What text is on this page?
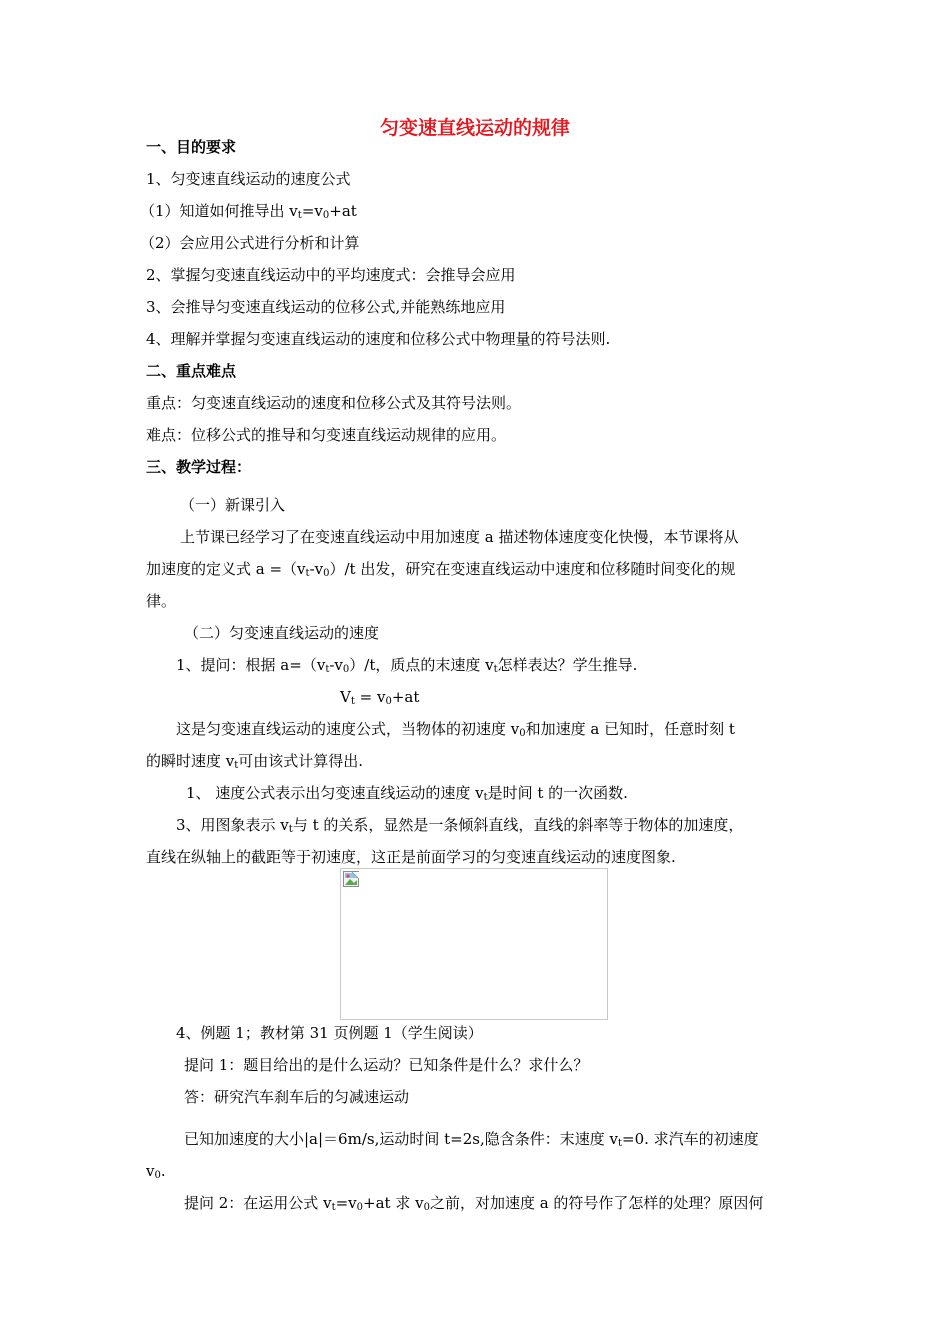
匀变速直线运动的规律
一、目的要求
1、匀变速直线运动的速度公式
（1）知道如何推导出 $v_t=v_0+at$
（2）会应用公式进行分析和计算
2、掌握匀变速直线运动中的平均速度式：会推导会应用
3、会推导匀变速直线运动的位移公式,并能熟练地应用
4、理解并掌握匀变速直线运动的速度和位移公式中物理量的符号法则.
二、重点难点
重点：匀变速直线运动的速度和位移公式及其符号法则。
难点：位移公式的推导和匀变速直线运动规律的应用。
三、教学过程：
（一）新课引入
上节课已经学习了在变速直线运动中用加速度 a 描述物体速度变化快慢，本节课将从
加速度的定义式 $a =(v_t-v_0)/t$ 出发，研究在变速直线运动中速度和位移随时间变化的规
律。
（二）匀变速直线运动的速度
1、提问：根据 $a=(v_t-v_0)/t$，质点的末速度 $v_t$怎样表达？学生推导.
$V_t = v_0+at$
这是匀变速直线运动的速度公式，当物体的初速度 $v_0$和加速度 a 已知时，任意时刻 t
的瞬时速度 $v_t$可由该式计算得出.
1、 速度公式表示出匀变速直线运动的速度 $v_t$是时间 t 的一次函数.
3、用图象表示 $v_t$与 t 的关系，显然是一条倾斜直线，直线的斜率等于物体的加速度，
直线在纵轴上的截距等于初速度，这正是前面学习的匀变速直线运动的速度图象.
4、例题 1；教材第 31 页例题 1（学生阅读）
提问 1：题目给出的是什么运动？已知条件是什么？求什么？
答：研究汽车刹车后的匀减速运动
已知加速度的大小|a|＝6m/s,运动时间 t=2s,隐含条件：末速度 $v_t=0$. 求汽车的初速度
$v_0$.
提问 2：在运用公式 $v_t=v_0+at$ 求 $v_0$之前，对加速度 a 的符号作了怎样的处理？原因何
